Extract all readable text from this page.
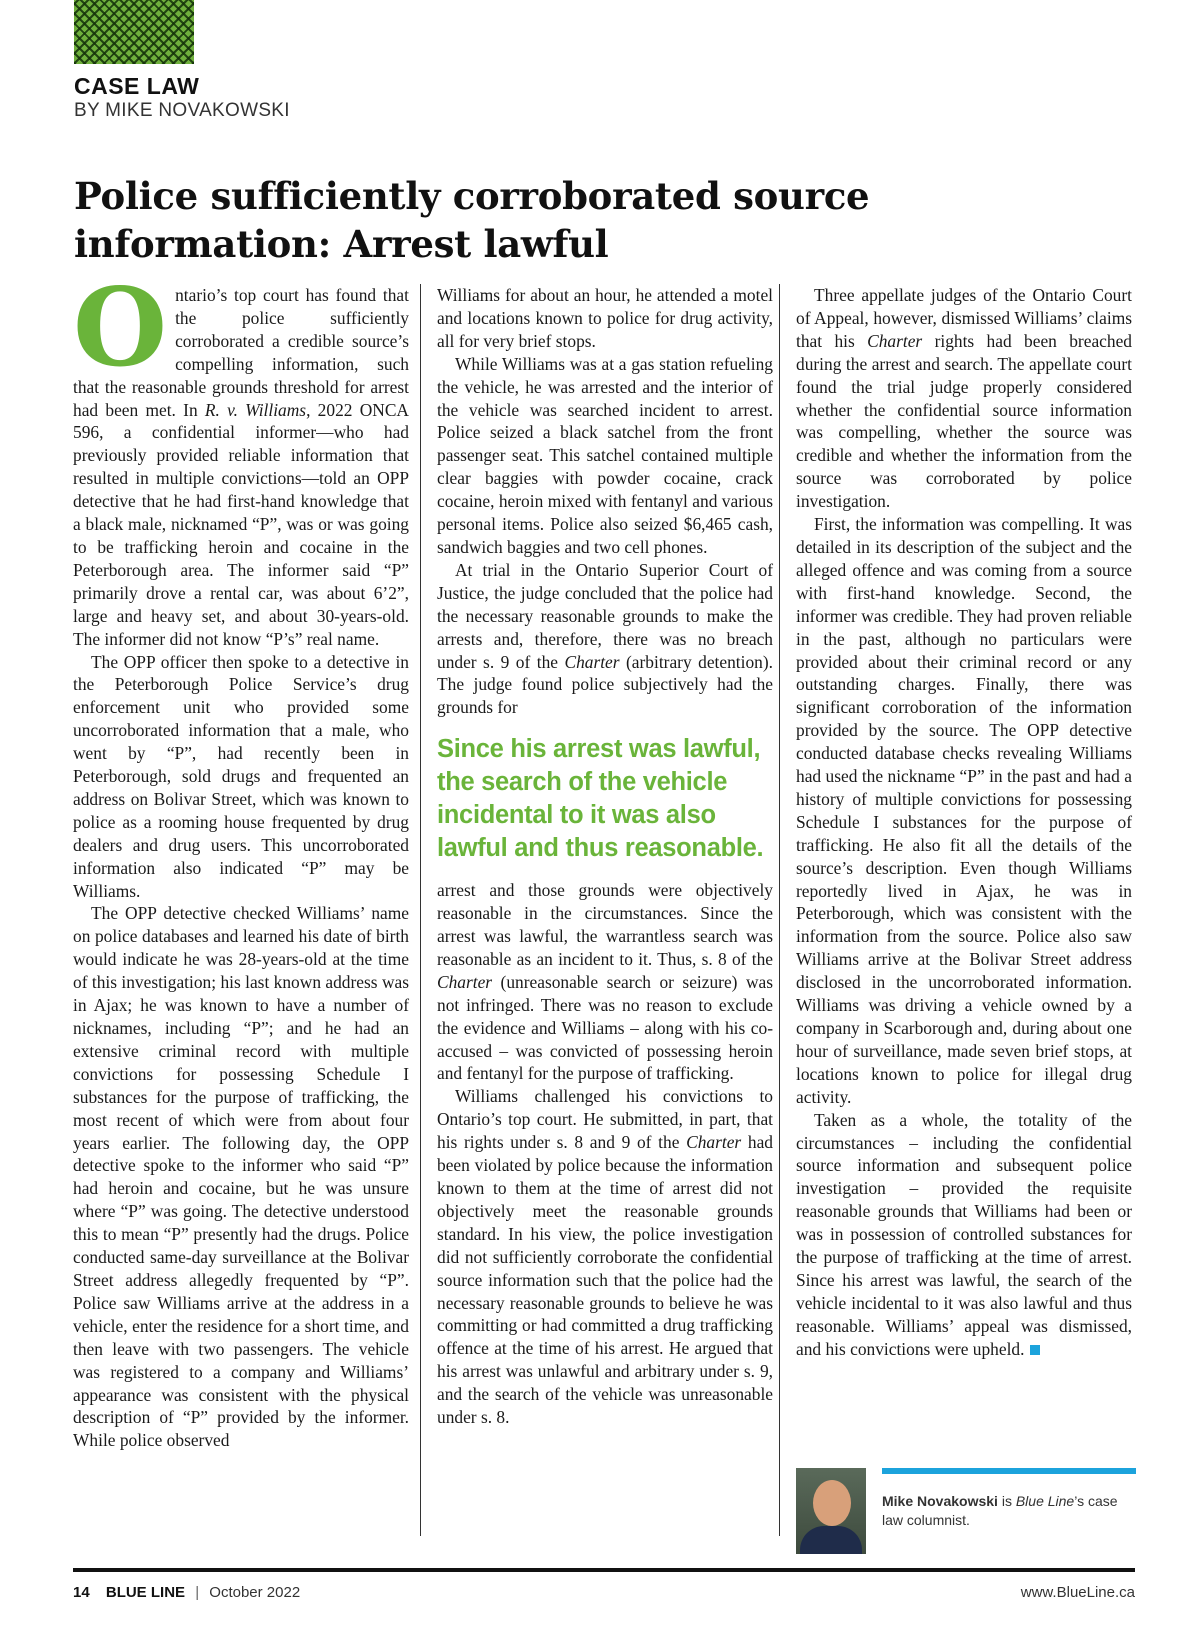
CASE LAW
BY MIKE NOVAKOWSKI
Police sufficiently corroborated source information: Arrest lawful

Ontario’s top court has found that the police sufficiently corroborated a credible source’s compelling information, such that the reasonable grounds threshold for arrest had been met. In R. v. Williams, 2022 ONCA 596, a confidential informer—who had previously provided reliable information that resulted in multiple convictions—told an OPP detective that he had first-hand knowledge that a black male, nicknamed “P”, was or was going to be trafficking heroin and cocaine in the Peterborough area. The informer said “P” primarily drove a rental car, was about 6’2”, large and heavy set, and about 30-years-old. The informer did not know “P’s” real name.

The OPP officer then spoke to a detective in the Peterborough Police Service’s drug enforcement unit who provided some uncorroborated information that a male, who went by “P”, had recently been in Peterborough, sold drugs and frequented an address on Bolivar Street, which was known to police as a rooming house frequented by drug dealers and drug users. This uncorroborated information also indicated “P” may be Williams.

The OPP detective checked Williams’ name on police databases and learned his date of birth would indicate he was 28-years-old at the time of this investigation; his last known address was in Ajax; he was known to have a number of nicknames, including “P”; and he had an extensive criminal record with multiple convictions for possessing Schedule I substances for the purpose of trafficking, the most recent of which were from about four years earlier. The following day, the OPP detective spoke to the informer who said “P” had heroin and cocaine, but he was unsure where “P” was going. The detective understood this to mean “P” presently had the drugs. Police conducted same-day surveillance at the Bolivar Street address allegedly frequented by “P”. Police saw Williams arrive at the address in a vehicle, enter the residence for a short time, and then leave with two passengers. The vehicle was registered to a company and Williams’ appearance was consistent with the physical description of “P” provided by the informer. While police observed

Williams for about an hour, he attended a motel and locations known to police for drug activity, all for very brief stops.

While Williams was at a gas station refueling the vehicle, he was arrested and the interior of the vehicle was searched incident to arrest. Police seized a black satchel from the front passenger seat. This satchel contained multiple clear baggies with powder cocaine, crack cocaine, heroin mixed with fentanyl and various personal items. Police also seized $6,465 cash, sandwich baggies and two cell phones.

At trial in the Ontario Superior Court of Justice, the judge concluded that the police had the necessary reasonable grounds to make the arrests and, therefore, there was no breach under s. 9 of the Charter (arbitrary detention). The judge found police subjectively had the grounds for

Since his arrest was lawful, the search of the vehicle incidental to it was also lawful and thus reasonable.

arrest and those grounds were objectively reasonable in the circumstances. Since the arrest was lawful, the warrantless search was reasonable as an incident to it. Thus, s. 8 of the Charter (unreasonable search or seizure) was not infringed. There was no reason to exclude the evidence and Williams – along with his co-accused – was convicted of possessing heroin and fentanyl for the purpose of trafficking.

Williams challenged his convictions to Ontario’s top court. He submitted, in part, that his rights under s. 8 and 9 of the Charter had been violated by police because the information known to them at the time of arrest did not objectively meet the reasonable grounds standard. In his view, the police investigation did not sufficiently corroborate the confidential source information such that the police had the necessary reasonable grounds to believe he was committing or had committed a drug trafficking offence at the time of his arrest. He argued that his arrest was unlawful and arbitrary under s. 9, and the search of the vehicle was unreasonable under s. 8.

Three appellate judges of the Ontario Court of Appeal, however, dismissed Williams’ claims that his Charter rights had been breached during the arrest and search. The appellate court found the trial judge properly considered whether the confidential source information was compelling, whether the source was credible and whether the information from the source was corroborated by police investigation.

First, the information was compelling. It was detailed in its description of the subject and the alleged offence and was coming from a source with first-hand knowledge. Second, the informer was credible. They had proven reliable in the past, although no particulars were provided about their criminal record or any outstanding charges. Finally, there was significant corroboration of the information provided by the source. The OPP detective conducted database checks revealing Williams had used the nickname “P” in the past and had a history of multiple convictions for possessing Schedule I substances for the purpose of trafficking. He also fit all the details of the source’s description. Even though Williams reportedly lived in Ajax, he was in Peterborough, which was consistent with the information from the source. Police also saw Williams arrive at the Bolivar Street address disclosed in the uncorroborated information. Williams was driving a vehicle owned by a company in Scarborough and, during about one hour of surveillance, made seven brief stops, at locations known to police for illegal drug activity.

Taken as a whole, the totality of the circumstances – including the confidential source information and subsequent police investigation – provided the requisite reasonable grounds that Williams had been or was in possession of controlled substances for the purpose of trafficking at the time of arrest. Since his arrest was lawful, the search of the vehicle incidental to it was also lawful and thus reasonable. Williams’ appeal was dismissed, and his convictions were upheld.

Mike Novakowski is Blue Line’s case law columnist.
14 BLUE LINE | October 2022	www.BlueLine.ca
